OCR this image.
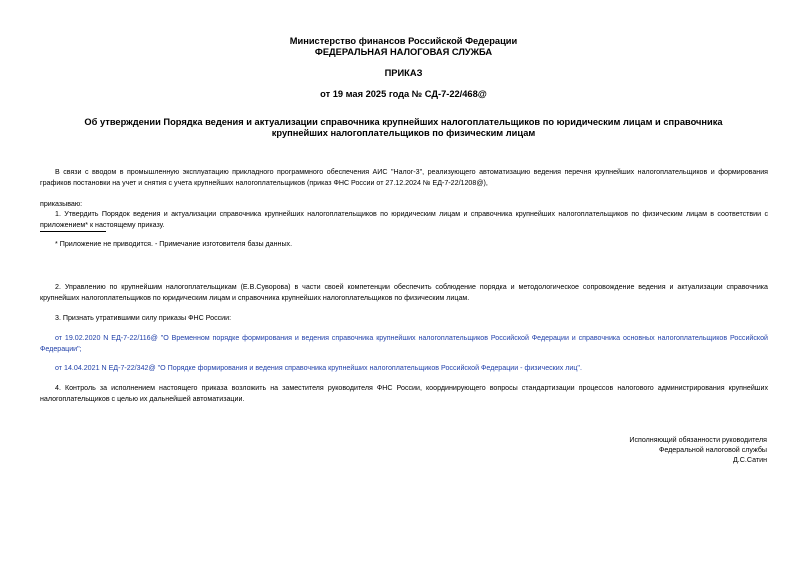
Министерство финансов Российской Федерации
ФЕДЕРАЛЬНАЯ НАЛОГОВАЯ СЛУЖБА
ПРИКАЗ
от 19 мая 2025 года № СД-7-22/468@
Об утверждении Порядка ведения и актуализации справочника крупнейших налогоплательщиков по юридическим лицам и справочника крупнейших налогоплательщиков по физическим лицам
В связи с вводом в промышленную эксплуатацию прикладного программного обеспечения АИС "Налог-3", реализующего автоматизацию ведения перечня крупнейших налогоплательщиков и формирования графиков постановки на учет и снятия с учета крупнейших налогоплательщиков (приказ ФНС России от 27.12.2024 № ЕД-7-22/1208@),
приказываю:
1. Утвердить Порядок ведения и актуализации справочника крупнейших налогоплательщиков по юридическим лицам и справочника крупнейших налогоплательщиков по физическим лицам в соответствии с приложением* к настоящему приказу.
* Приложение не приводится. - Примечание изготовителя базы данных.
2. Управлению по крупнейшим налогоплательщикам (Е.В.Суворова) в части своей компетенции обеспечить соблюдение порядка и методологическое сопровождение ведения и актуализации справочника крупнейших налогоплательщиков по юридическим лицам и справочника крупнейших налогоплательщиков по физическим лицам.
3. Признать утратившими силу приказы ФНС России:
от 19.02.2020 N ЕД-7-22/116@ "О Временном порядке формирования и ведения справочника крупнейших налогоплательщиков Российской Федерации и справочника основных налогоплательщиков Российской Федерации";
от 14.04.2021 N ЕД-7-22/342@ "О Порядке формирования и ведения справочника крупнейших налогоплательщиков Российской Федерации - физических лиц".
4. Контроль за исполнением настоящего приказа возложить на заместителя руководителя ФНС России, координирующего вопросы стандартизации процессов налогового администрирования крупнейших налогоплательщиков с целью их дальнейшей автоматизации.
Исполняющий обязанности руководителя
Федеральной налоговой службы
Д.С.Сатин
